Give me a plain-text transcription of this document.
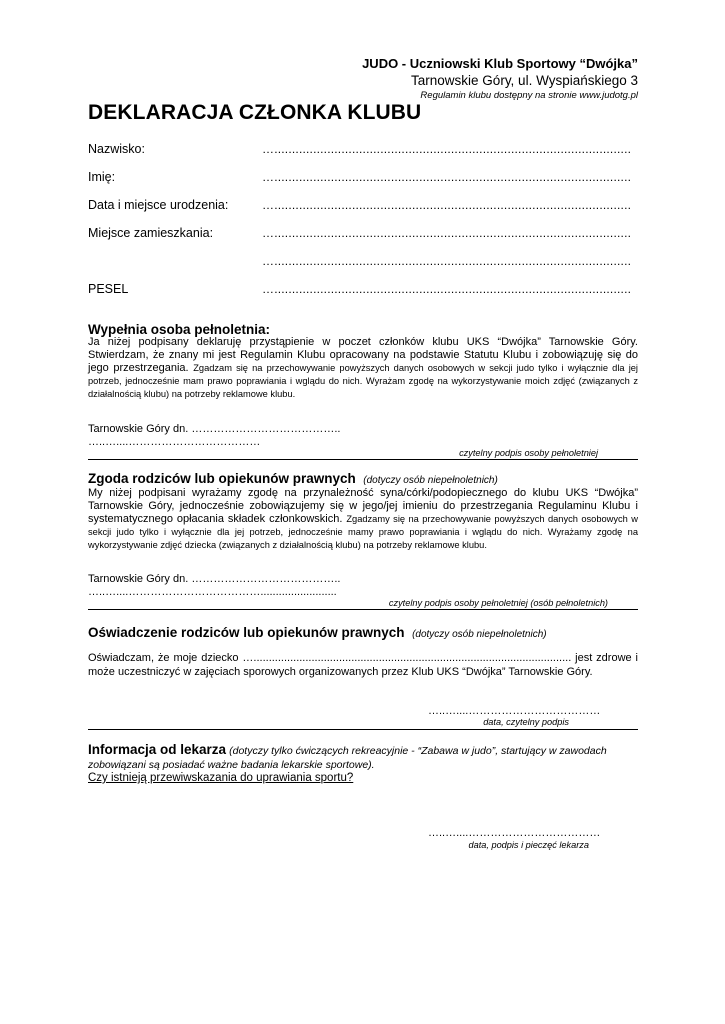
JUDO - Uczniowski Klub Sportowy “Dwójka”
Tarnowskie Góry, ul. Wyspiańskiego 3
Regulamin klubu dostępny na stronie www.judotg.pl
DEKLARACJA CZŁONKA KLUBU
Nazwisko:	….....................................................................................................
Imię:	….....................................................................................................
Data i miejsce urodzenia:	….....................................................................................................
Miejsce zamieszkania:	….....................................................................................................
….....................................................................................................
PESEL	….....................................................................................................
Wypełnia osoba pełnoletnia:
Ja niżej podpisany deklaruję przystąpienie w poczet członków klubu UKS “Dwójka” Tarnowskie Góry. Stwierdzam, że znany mi jest Regulamin Klubu opracowany na podstawie Statutu Klubu i zobowiązuję się do jego przestrzegania. Zgadzam się na przechowywanie powyższych danych osobowych w sekcji judo tylko i wyłącznie dla jej potrzeb, jednocześnie mam prawo poprawiania i wglądu do nich. Wyrażam zgodę na wykorzystywanie moich zdjęć (związanych z działalnością klubu) na potrzeby reklamowe klubu.
Tarnowskie Góry dn. …………………………………..
…..…....………………………………
czytelny podpis osoby pełnoletniej
Zgoda rodziców lub opiekunów prawnych (dotyczy osób niepełnoletnich)
My niżej podpisani wyrażamy zgodę na przynależność syna/córki/podopiecznego do klubu UKS “Dwójka” Tarnowskie Góry, jednocześnie zobowiązujemy się w jego/jej imieniu do przestrzegania Regulaminu Klubu i systematycznego opłacania składek członkowskich. Zgadzamy się na przechowywanie powyższych danych osobowych w sekcji judo tylko i wyłącznie dla jej potrzeb, jednocześnie mamy prawo poprawiania i wglądu do nich. Wyrażamy zgodę na wykorzystywanie zdjęć dziecka (związanych z działalnością klubu) na potrzeby reklamowe klubu.
Tarnowskie Góry dn. …………………………………..
…..…....……………………………….........................
czytelny podpis osoby pełnoletniej (osób pełnoletnich)
Oświadczenie rodziców lub opiekunów prawnych (dotyczy osób niepełnoletnich)
Oświadczam, że moje dziecko …........................................................................................................ jest zdrowe i może uczestniczyć w zajęciach sporowych organizowanych przez Klub UKS “Dwójka” Tarnowskie Góry.
…..…....………………………………
data, czytelny podpis
Informacja od lekarza (dotyczy tylko ćwiczących rekreacyjnie - “Zabawa w judo”, startujący w zawodach zobowiązani są posiadać ważne badania lekarskie sportowe).
Czy istnieją przewiwskazania do uprawiania sportu?
…..…....………………………………
data, podpis i pieczęć lekarza
